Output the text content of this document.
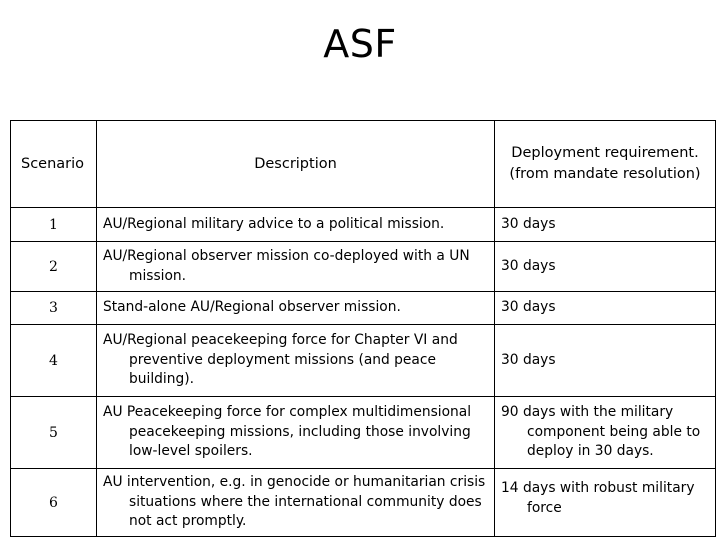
ASF
Scenario	Description	Deployment requirement.
(from mandate resolution)

1	AU/Regional military advice to a political mission.	30 days

2	AU/Regional observer mission co-deployed with a UN mission.	30 days

3	Stand-alone AU/Regional observer mission.	30 days

4	AU/Regional peacekeeping force for Chapter VI and preventive deployment missions (and peace building).	30 days

5	AU Peacekeeping force for complex multidimensional peacekeeping missions, including those involving low-level spoilers.	90 days with the military component being able to deploy in 30 days.

6	AU intervention, e.g. in genocide or humanitarian crisis situations where the international community does not act promptly.	14 days with robust military force
